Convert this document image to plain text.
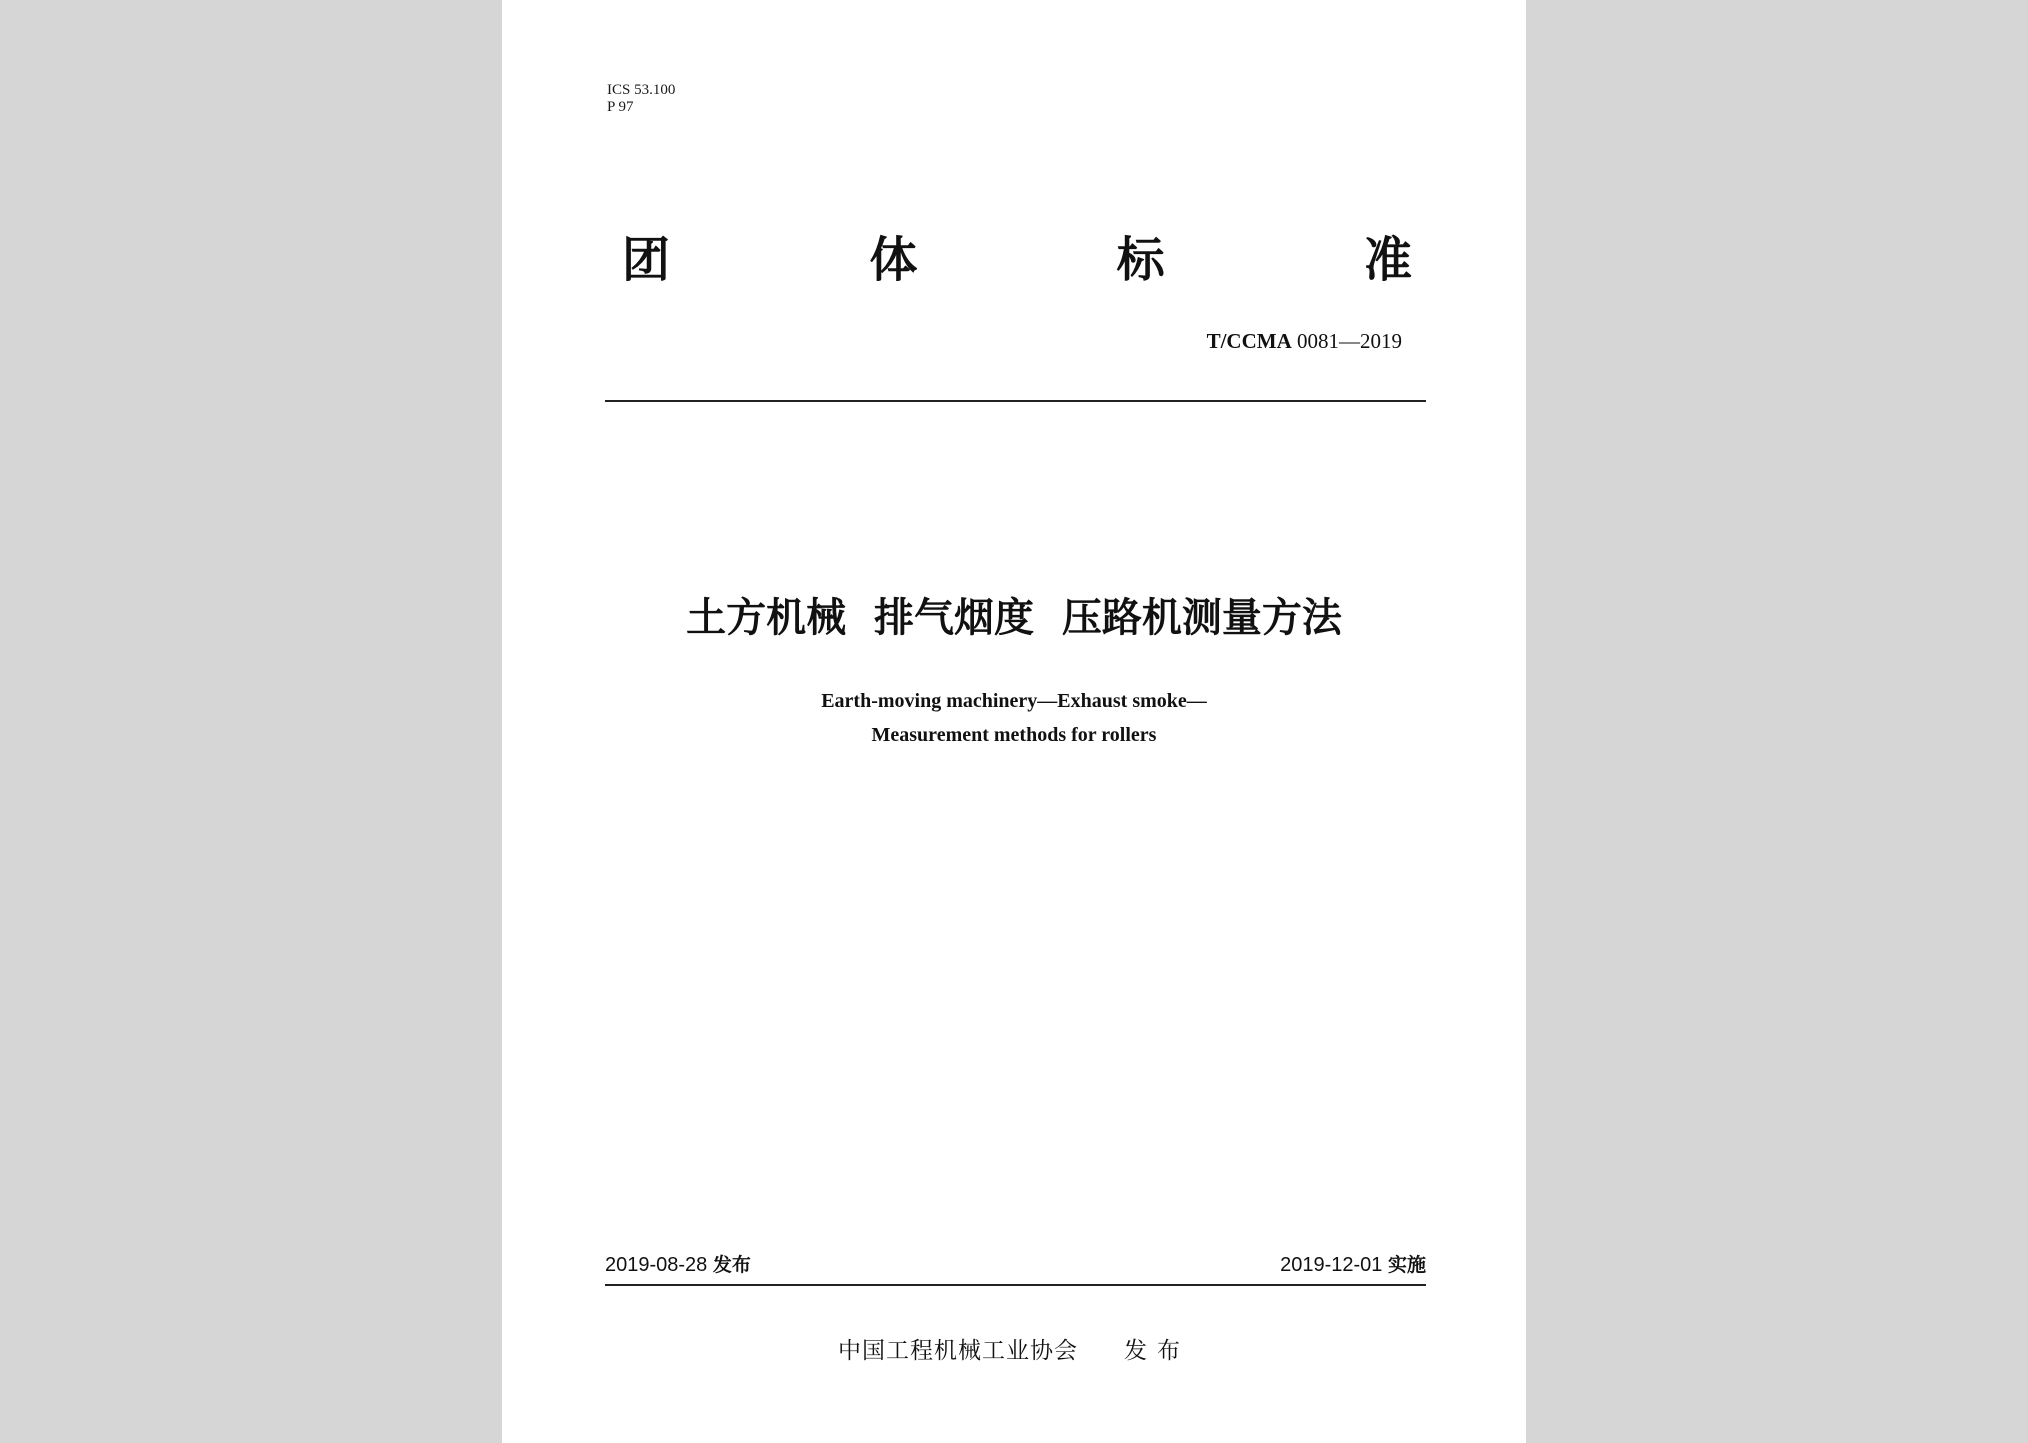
ICS 53.100
P 97
团	体	标	准
T/CCMA 0081—2019
土方机械  排气烟度  压路机测量方法
Earth-moving machinery—Exhaust smoke—
Measurement methods for rollers
2019-08-28 发布	2019-12-01 实施
中国工程机械工业协会 发布
